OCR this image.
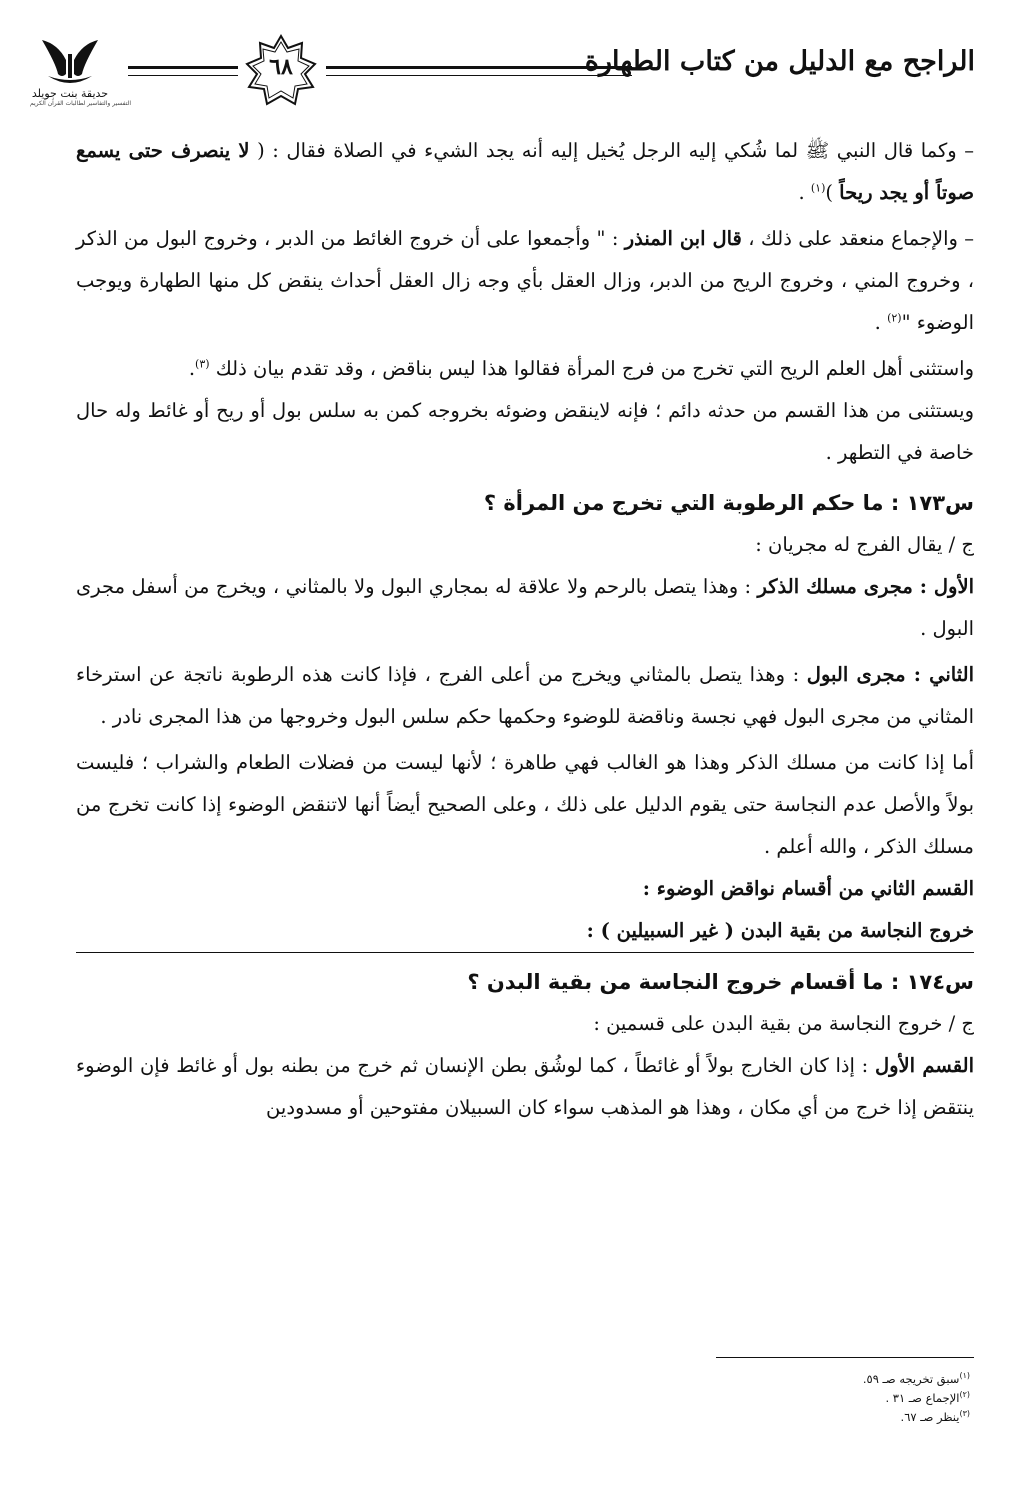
حديقة بنت جويلد
التفسير والتفاسير لطالبات القرآن الكريم
٦٨	الراجح مع الدليل من كتاب الطهارة

– وكما قال النبي ﷺ لما شُكي إليه الرجل يُخيل إليه أنه يجد الشيء في الصلاة فقال : ( لا ينصرف حتى يسمع صوتاً أو يجد ريحاً )$^{(١)}$ .

– والإجماع منعقد على ذلك ، قال ابن المنذر : " وأجمعوا على أن خروج الغائط من الدبر ، وخروج البول من الذكر ، وخروج المني ، وخروج الريح من الدبر، وزال العقل بأي وجه زال العقل أحداث ينقض كل منها الطهارة ويوجب الوضوء "$^{(٢)}$ .

واستثنى أهل العلم الريح التي تخرج من فرج المرأة فقالوا هذا ليس بناقض ، وقد تقدم بيان ذلك $^{(٣)}$.

ويستثنى من هذا القسم من حدثه دائم ؛ فإنه لاينقض وضوئه بخروجه كمن به سلس بول أو ريح أو غائط وله حال خاصة في التطهر .

س١٧٣ : ما حكم الرطوبة التي تخرج من المرأة ؟

ج / يقال الفرج له مجريان :

الأول : مجرى مسلك الذكر : وهذا يتصل بالرحم ولا علاقة له بمجاري البول ولا بالمثاني ، ويخرج من أسفل مجرى البول .

الثاني : مجرى البول : وهذا يتصل بالمثاني ويخرج من أعلى الفرج ، فإذا كانت هذه الرطوبة ناتجة عن استرخاء المثاني من مجرى البول فهي نجسة وناقضة للوضوء وحكمها حكم سلس البول وخروجها من هذا المجرى نادر .

أما إذا كانت من مسلك الذكر وهذا هو الغالب فهي طاهرة ؛ لأنها ليست من فضلات الطعام والشراب ؛ فليست بولاً والأصل عدم النجاسة حتى يقوم الدليل على ذلك ، وعلى الصحيح أيضاً أنها لاتنقض الوضوء إذا كانت تخرج من مسلك الذكر ، والله أعلم .

القسم الثاني من أقسام نواقض الوضوء :

خروج النجاسة من بقية البدن ( غير السبيلين ) :

س١٧٤ : ما أقسام خروج النجاسة من بقية البدن ؟

ج / خروج النجاسة من بقية البدن على قسمين :

القسم الأول : إذا كان الخارج بولاً أو غائطاً ، كما لوشُق بطن الإنسان ثم خرج من بطنه بول أو غائط فإن الوضوء ينتقض إذا خرج من أي مكان ، وهذا هو المذهب سواء كان السبيلان مفتوحين أو مسدودين

$^{(١)}$سبق تخريجه صـ ٥٩.
$^{(٢)}$الإجماع صـ ٣١ .
$^{(٣)}$ينظر صـ ٦٧.
